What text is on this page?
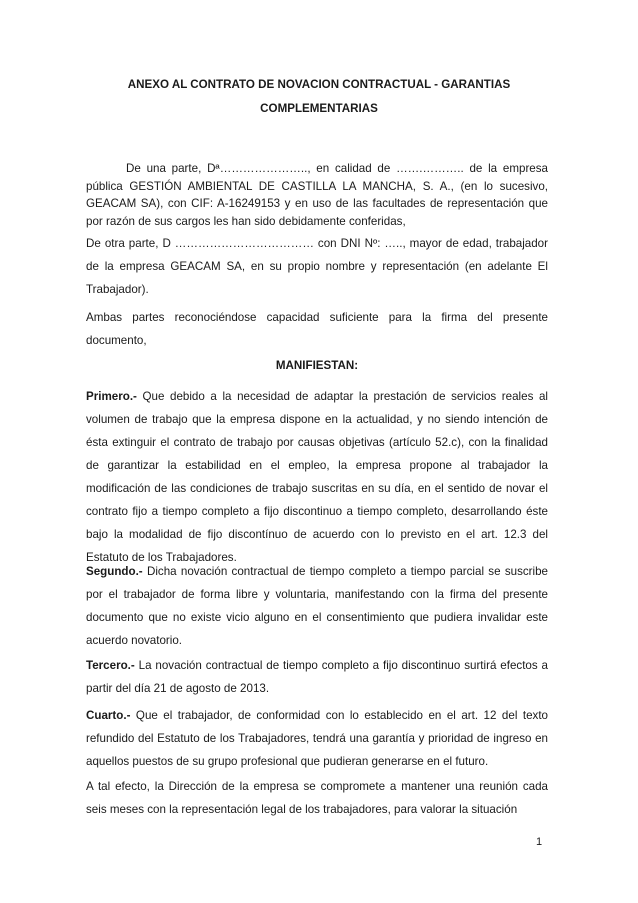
ANEXO AL CONTRATO DE NOVACION CONTRACTUAL - GARANTIAS
COMPLEMENTARIAS

De una parte, Dª………………….., en calidad de …….……….. de la empresa pública GESTIÓN AMBIENTAL DE CASTILLA LA MANCHA, S. A., (en lo sucesivo, GEACAM SA), con CIF: A-16249153 y en uso de las facultades de representación que por razón de sus cargos les han sido debidamente conferidas,

De otra parte, D ……………………………… con DNI Nº: ….., mayor de edad, trabajador de la empresa GEACAM SA, en su propio nombre y representación (en adelante El Trabajador).

Ambas partes reconociéndose capacidad suficiente para la firma del presente documento,

MANIFIESTAN:

Primero.- Que debido a la necesidad de adaptar la prestación de servicios reales al volumen de trabajo que la empresa dispone en la actualidad, y no siendo intención de ésta extinguir el contrato de trabajo por causas objetivas (artículo 52.c), con la finalidad de garantizar la estabilidad en el empleo, la empresa propone al trabajador la modificación de las condiciones de trabajo suscritas en su día, en el sentido de novar el contrato fijo a tiempo completo a fijo discontinuo a tiempo completo, desarrollando éste bajo la modalidad de fijo discontínuo de acuerdo con lo previsto en el art. 12.3 del Estatuto de los Trabajadores.

Segundo.- Dicha novación contractual de tiempo completo a tiempo parcial se suscribe por el trabajador de forma libre y voluntaria, manifestando con la firma del presente documento que no existe vicio alguno en el consentimiento que pudiera invalidar este acuerdo novatorio.

Tercero.- La novación contractual de tiempo completo a fijo discontinuo surtirá efectos a partir del día 21 de agosto de 2013.

Cuarto.- Que el trabajador, de conformidad con lo establecido en el art. 12 del texto refundido del Estatuto de los Trabajadores, tendrá una garantía y prioridad de ingreso en aquellos puestos de su grupo profesional que pudieran generarse en el futuro.

A tal efecto, la Dirección de la empresa se compromete a mantener una reunión cada seis meses con la representación legal de los trabajadores, para valorar la situación

1
